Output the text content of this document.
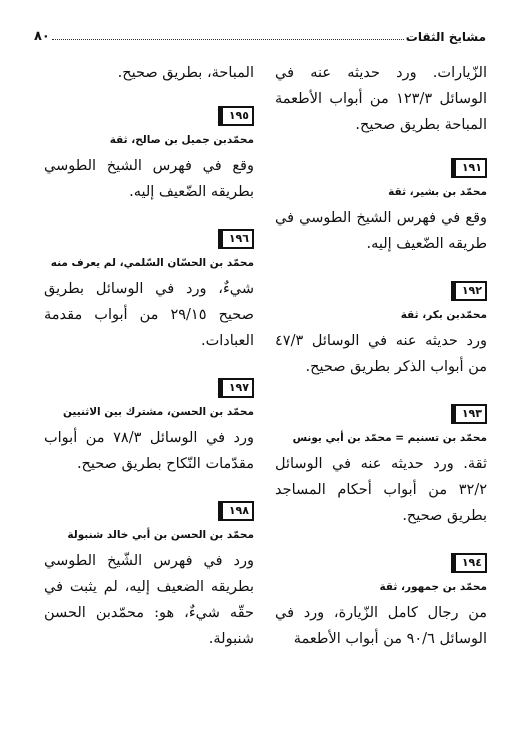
٨٠	مشايخ الثقات

الزّيارات. ورد حديثه عنه في الوسائل ١٢٣/٣ من أبواب الأطعمة المباحة بطريق صحيح.

١٩١
محمّد بن بشير، ثقة

وقع في فهرس الشيخ الطوسي في طريقه الضّعيف إليه.

١٩٢
محمّدبن بكر، ثقة

ورد حديثه عنه في الوسائل ٤٧/٣ من أبواب الذكر بطريق صحيح.

١٩٣
محمّد بن تسنيم = محمّد بن أبي يونس

ثقة. ورد حديثه عنه في الوسائل ٣٢/٢ من أبواب أحكام المساجد بطريق صحيح.

١٩٤
محمّد بن جمهور، ثقة

من رجال كامل الزّيارة، ورد في الوسائل ٩٠/٦ من أبواب الأطعمة

المباحة، بطريق صحيح.

١٩٥
محمّدبن جميل بن صالح، ثقة

وقع في فهرس الشيخ الطوسي بطريقه الضّعيف إليه.

١٩٦
محمّد بن الحسّان السّلمي، لم يعرف منه

شيءٌ، ورد في الوسائل بطريق صحيح ٢٩/١٥ من أبواب مقدمة العبادات.

١٩٧
محمّد بن الحسن، مشترك بين الاثنيين

ورد في الوسائل ٧٨/٣ من أبواب مقدّمات النّكاح بطريق صحيح.

١٩٨
محمّد بن الحسن بن أبي خالد شنبولة

ورد في فهرس الشّيخ الطوسي بطريقه الضعيف إليه، لم يثبت في حقّه شيءٌ، هو: محمّدبن الحسن شنبولة.
